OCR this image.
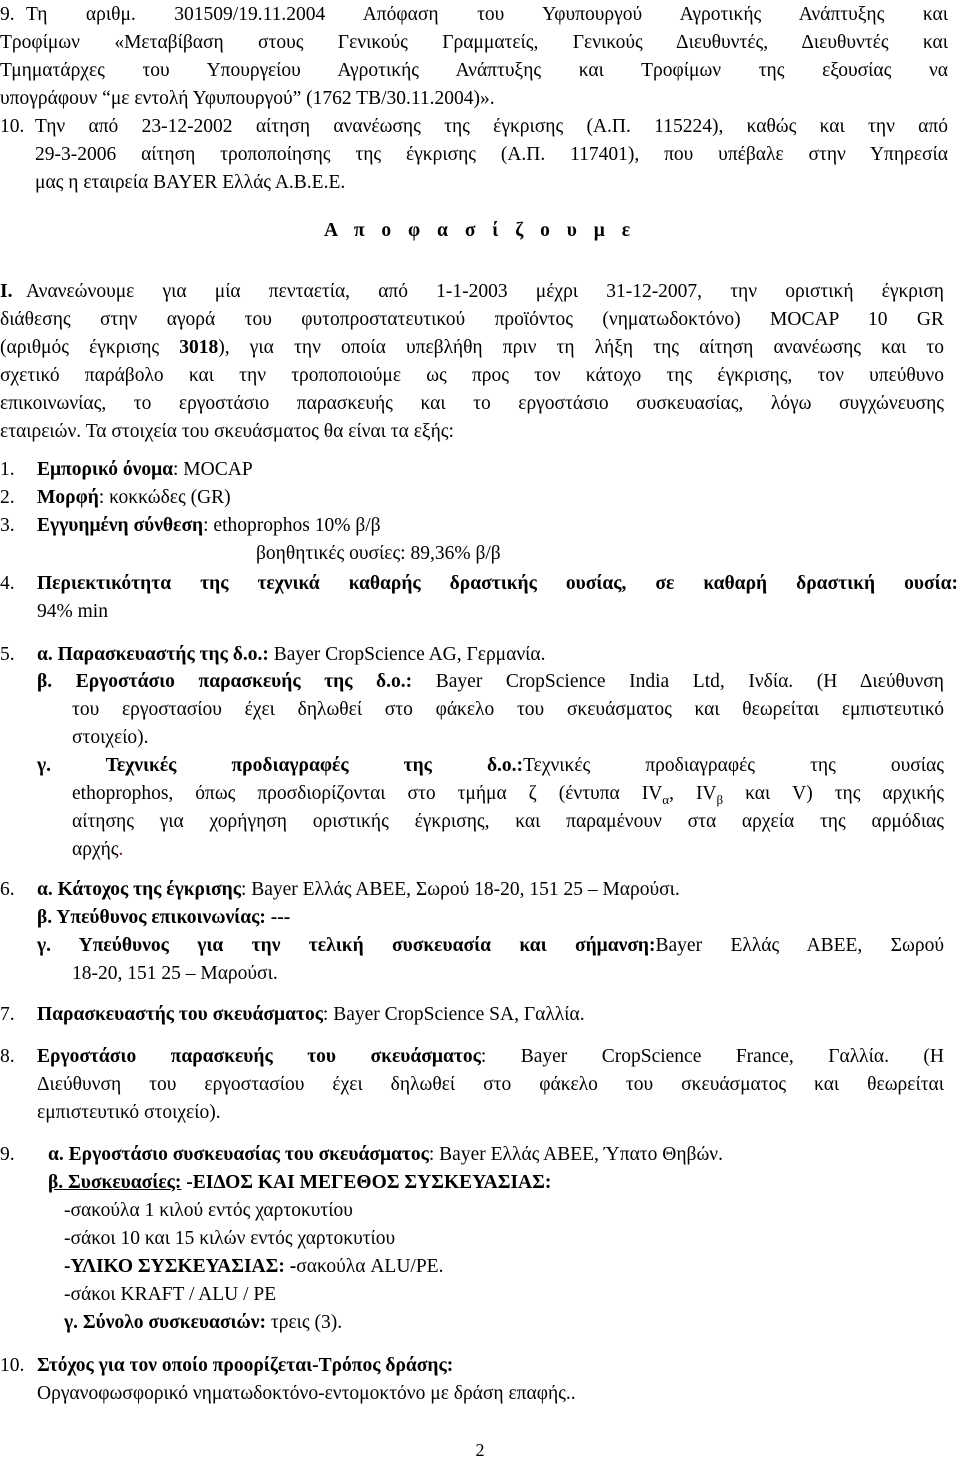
9. Τη αριθμ. 301509/19.11.2004 Απόφαση του Υφυπουργού Αγροτικής Ανάπτυξης και
Τροφίμων «Μεταβίβαση στους Γενικούς Γραμματείς, Γενικούς Διευθυντές, Διευθυντές και
Τμηματάρχες του Υπουργείου Αγροτικής Ανάπτυξης και Τροφίμων της εξουσίας να
υπογράφουν “με εντολή Υφυπουργού” (1762 ΤΒ/30.11.2004)».
10. Την από 23-12-2002 αίτηση ανανέωσης της έγκρισης (Α.Π. 115224), καθώς και την από
29-3-2006 αίτηση τροποποίησης της έγκρισης (Α.Π. 117401), που υπέβαλε στην Υπηρεσία
μας η εταιρεία BAYER Ελλάς Α.Β.Ε.Ε.
Α π ο φ α σ ί ζ ο υ μ ε
Ι. Ανανεώνουμε για μία πενταετία, από 1-1-2003 μέχρι 31-12-2007, την οριστική έγκριση
διάθεσης στην αγορά του φυτοπροστατευτικού προϊόντος (νηματωδοκτόνο) MOCAP 10 GR
(αριθμός έγκρισης 3018), για την οποία υπεβλήθη πριν τη λήξη της αίτηση ανανέωσης και το
σχετικό παράβολο και την τροποποιούμε ως προς τον κάτοχο της έγκρισης, τον υπεύθυνο
επικοινωνίας, το εργοστάσιο παρασκευής και το εργοστάσιο συσκευασίας, λόγω συγχώνευσης
εταιρειών. Τα στοιχεία του σκευάσματος θα είναι τα εξής:
1. Εμπορικό όνομα: MOCAP
2. Μορφή: κοκκώδες (GR)
3. Εγγυημένη σύνθεση: ethoprophos 10% β/β
βοηθητικές ουσίες: 89,36% β/β
4. Περιεκτικότητα της τεχνικά καθαρής δραστικής ουσίας, σε καθαρή δραστική ουσία:
94% min
5. α. Παρασκευαστής της δ.ο.: Bayer CropScience AG, Γερμανία.
β. Εργοστάσιο παρασκευής της δ.ο.: Bayer CropScience India Ltd, Ινδία. (Η Διεύθυνση
του εργοστασίου έχει δηλωθεί στο φάκελο του σκευάσματος και θεωρείται εμπιστευτικό
στοιχείο).
γ. Τεχνικές προδιαγραφές της δ.ο.:Τεχνικές προδιαγραφές της ουσίας
ethoprophos, όπως προσδιορίζονται στο τμήμα ζ (έντυπα $IV_\alpha$, $IV_\beta$ και V) της αρχικής
αίτησης για χορήγηση οριστικής έγκρισης, και παραμένουν στα αρχεία της αρμόδιας
αρχής.
6. α. Κάτοχος της έγκρισης: Bayer Ελλάς ΑΒΕΕ, Σωρού 18-20, 151 25 – Μαρούσι.
β. Υπεύθυνος επικοινωνίας: ---
γ. Υπεύθυνος για την τελική συσκευασία και σήμανση:Bayer Ελλάς ΑΒΕΕ, Σωρού
18-20, 151 25 – Μαρούσι.
7. Παρασκευαστής του σκευάσματος: Bayer CropScience SA, Γαλλία.
8. Εργοστάσιο παρασκευής του σκευάσματος: Bayer CropScience France, Γαλλία. (Η
Διεύθυνση του εργοστασίου έχει δηλωθεί στο φάκελο του σκευάσματος και θεωρείται
εμπιστευτικό στοιχείο).
9. α. Εργοστάσιο συσκευασίας του σκευάσματος: Bayer Ελλάς ΑΒΕΕ, Ύπατο Θηβών.
β. Συσκευασίες: -ΕΙΔΟΣ ΚΑΙ ΜΕΓΕΘΟΣ ΣΥΣΚΕΥΑΣΙΑΣ:
-σακούλα 1 κιλού εντός χαρτοκυτίου
-σάκοι 10 και 15 κιλών εντός χαρτοκυτίου
-ΥΛΙΚΟ ΣΥΣΚΕΥΑΣΙΑΣ: -σακούλα ALU/PE.
-σάκοι KRAFT / ALU / PE
γ. Σύνολο συσκευασιών: τρεις (3).
10. Στόχος για τον οποίο προορίζεται-Τρόπος δράσης:
Οργανοφωσφορικό νηματωδοκτόνο-εντομοκτόνο με δράση επαφής..
2
